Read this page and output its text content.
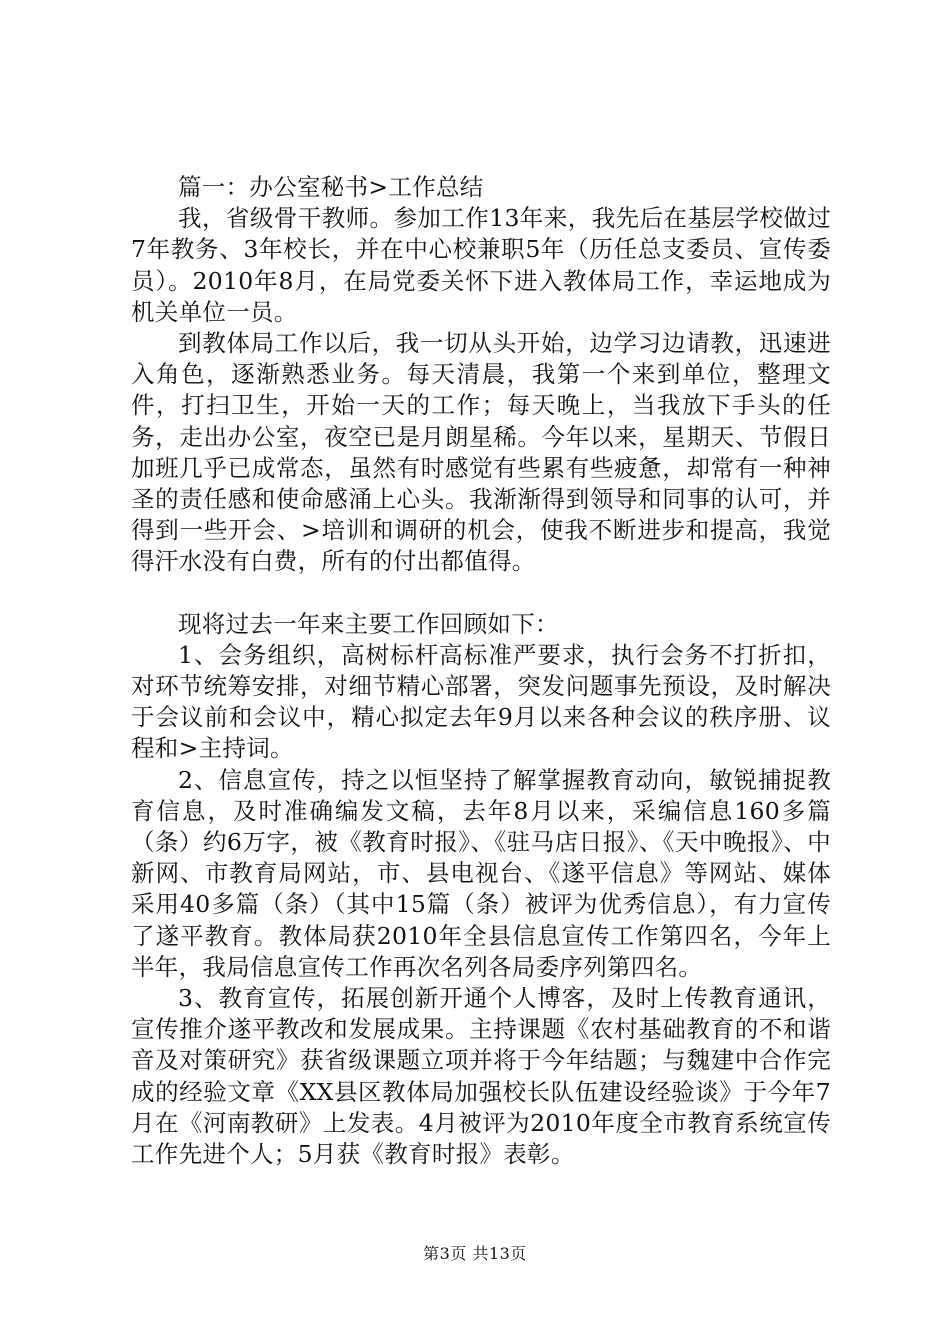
篇一：办公室秘书>工作总结

我，省级骨干教师。参加工作13年来，我先后在基层学校做过7年教务、3年校长，并在中心校兼职5年（历任总支委员、宣传委员）。2010年8月，在局党委关怀下进入教体局工作，幸运地成为机关单位一员。

到教体局工作以后，我一切从头开始，边学习边请教，迅速进入角色，逐渐熟悉业务。每天清晨，我第一个来到单位，整理文件，打扫卫生，开始一天的工作；每天晚上，当我放下手头的任务，走出办公室，夜空已是月朗星稀。今年以来，星期天、节假日加班几乎已成常态，虽然有时感觉有些累有些疲惫，却常有一种神圣的责任感和使命感涌上心头。我渐渐得到领导和同事的认可，并得到一些开会、>培训和调研的机会，使我不断进步和提高，我觉得汗水没有白费，所有的付出都值得。

现将过去一年来主要工作回顾如下：

1、会务组织，高树标杆高标准严要求，执行会务不打折扣，对环节统筹安排，对细节精心部署，突发问题事先预设，及时解决于会议前和会议中，精心拟定去年9月以来各种会议的秩序册、议程和>主持词。

2、信息宣传，持之以恒坚持了解掌握教育动向，敏锐捕捉教育信息，及时准确编发文稿，去年8月以来，采编信息160多篇（条）约6万字，被《教育时报》、《驻马店日报》、《天中晚报》、中新网、市教育局网站，市、县电视台、《遂平信息》等网站、媒体采用40多篇（条）（其中15篇（条）被评为优秀信息），有力宣传了遂平教育。教体局获2010年全县信息宣传工作第四名，今年上半年，我局信息宣传工作再次名列各局委序列第四名。

3、教育宣传，拓展创新开通个人博客，及时上传教育通讯，宣传推介遂平教改和发展成果。主持课题《农村基础教育的不和谐音及对策研究》获省级课题立项并将于今年结题；与魏建中合作完成的经验文章《XX县区教体局加强校长队伍建设经验谈》于今年7月在《河南教研》上发表。4月被评为2010年度全市教育系统宣传工作先进个人；5月获《教育时报》表彰。

第3页 共13页
